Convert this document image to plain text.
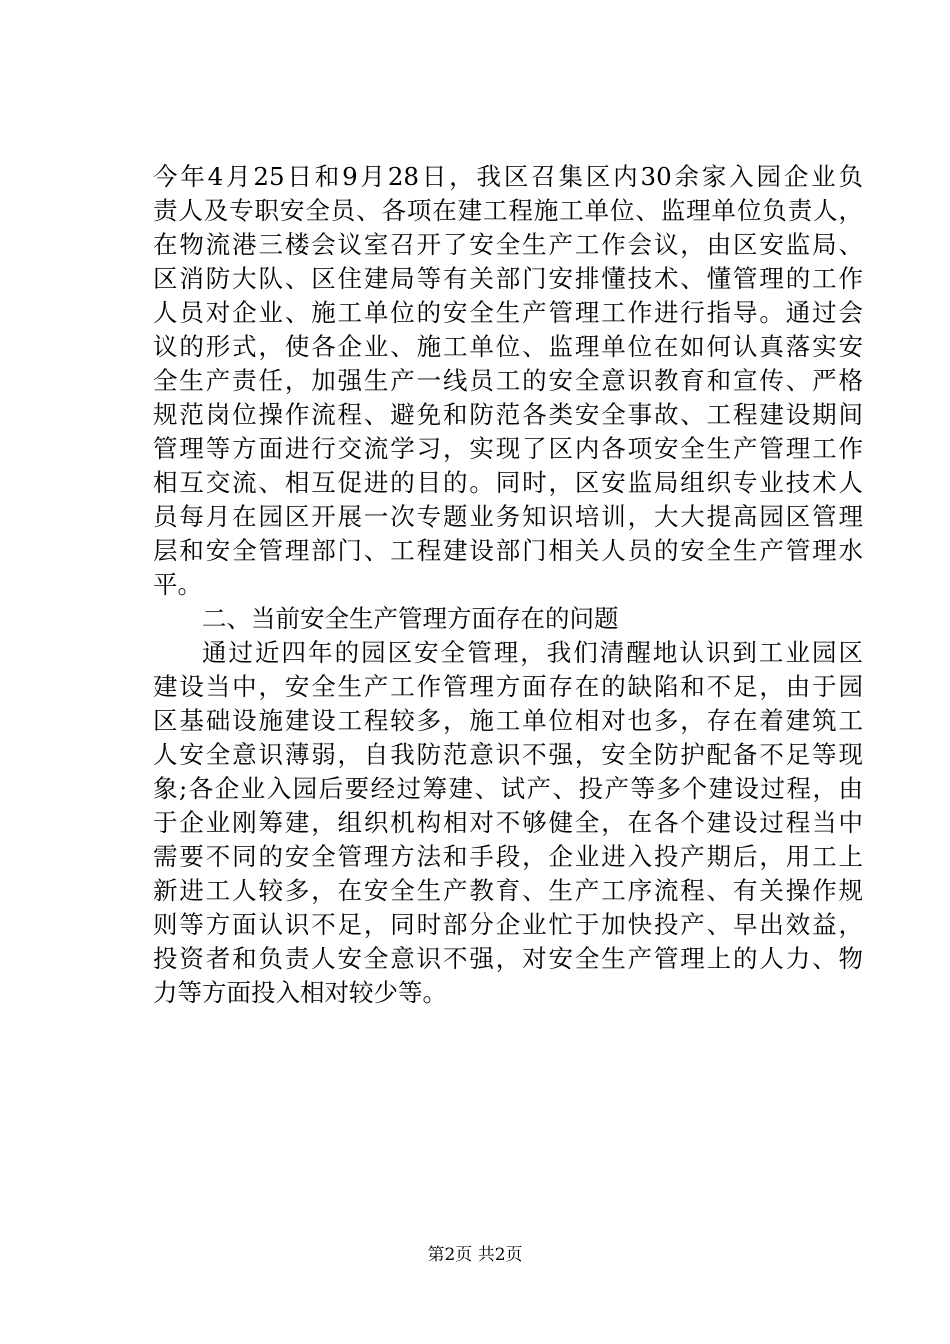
今年4月25日和9月28日，我区召集区内30余家入园企业负
责人及专职安全员、各项在建工程施工单位、监理单位负责人，
在物流港三楼会议室召开了安全生产工作会议，由区安监局、
区消防大队、区住建局等有关部门安排懂技术、懂管理的工作
人员对企业、施工单位的安全生产管理工作进行指导。通过会
议的形式，使各企业、施工单位、监理单位在如何认真落实安
全生产责任，加强生产一线员工的安全意识教育和宣传、严格
规范岗位操作流程、避免和防范各类安全事故、工程建设期间
管理等方面进行交流学习，实现了区内各项安全生产管理工作
相互交流、相互促进的目的。同时，区安监局组织专业技术人
员每月在园区开展一次专题业务知识培训，大大提高园区管理
层和安全管理部门、工程建设部门相关人员的安全生产管理水
平。
二、当前安全生产管理方面存在的问题
通过近四年的园区安全管理，我们清醒地认识到工业园区
建设当中，安全生产工作管理方面存在的缺陷和不足，由于园
区基础设施建设工程较多，施工单位相对也多，存在着建筑工
人安全意识薄弱，自我防范意识不强，安全防护配备不足等现
象;各企业入园后要经过筹建、试产、投产等多个建设过程，由
于企业刚筹建，组织机构相对不够健全，在各个建设过程当中
需要不同的安全管理方法和手段，企业进入投产期后，用工上
新进工人较多，在安全生产教育、生产工序流程、有关操作规
则等方面认识不足，同时部分企业忙于加快投产、早出效益，
投资者和负责人安全意识不强，对安全生产管理上的人力、物
力等方面投入相对较少等。
第2页 共2页
